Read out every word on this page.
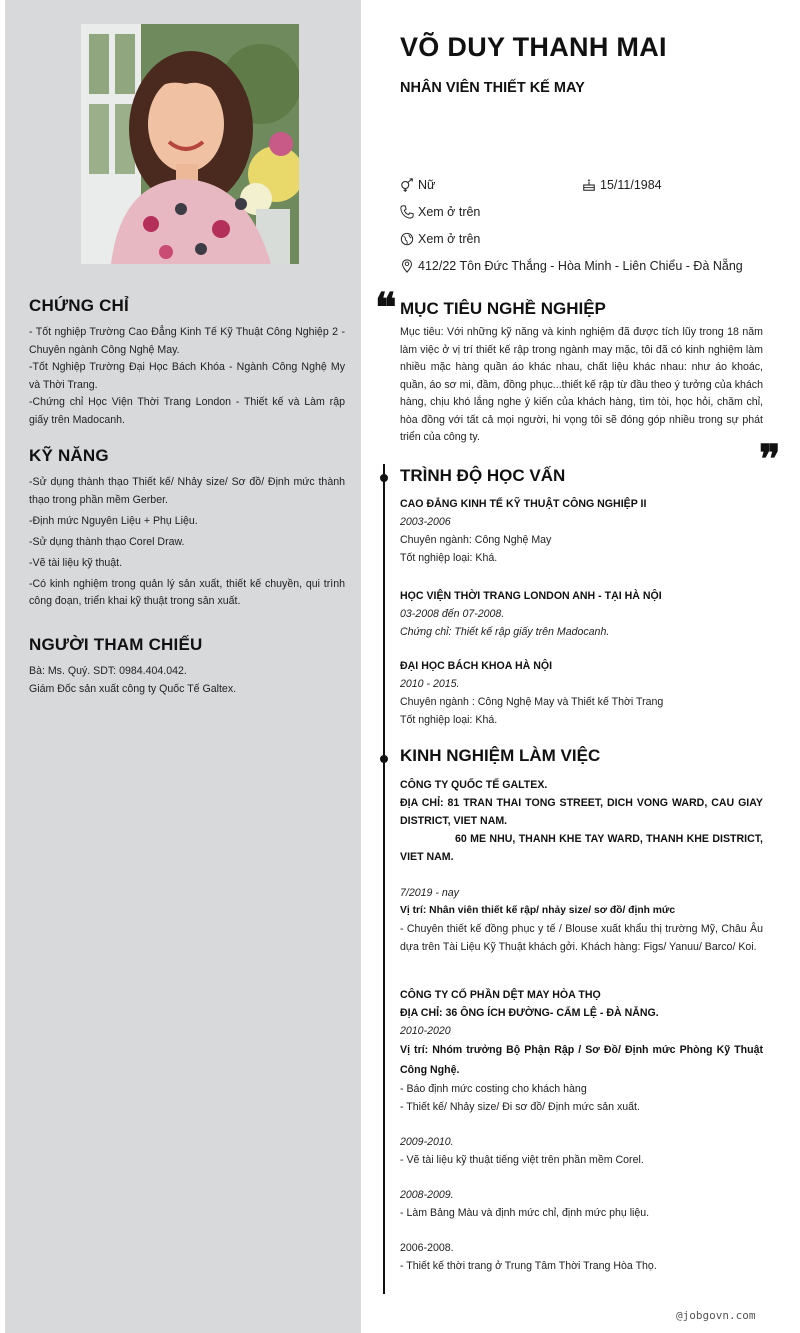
CHỨNG CHỈ
- Tốt nghiệp Trường Cao Đẳng Kinh Tế Kỹ Thuật Công Nghiệp 2 - Chuyên ngành Công Nghệ May.
-Tốt Nghiệp Trường Đại Học Bách Khóa - Ngành Công Nghệ My và Thời Trang.
-Chứng chỉ Học Viện Thời Trang London - Thiết kế và Làm rập giấy trên Madocanh.
KỸ NĂNG
-Sử dụng thành thạo Thiết kế/ Nhảy size/ Sơ đồ/ Định mức thành thạo trong phần mềm Gerber.
-Định mức Nguyên Liệu + Phụ Liệu.
-Sử dụng thành thạo Corel Draw.
-Vẽ tài liệu kỹ thuật.
-Có kinh nghiệm trong quản lý sản xuất, thiết kế chuyền, qui trình công đoạn, triển khai kỹ thuật trong sản xuất.
NGƯỜI THAM CHIẾU
Bà: Ms. Quý. SDT: 0984.404.042.
Giám Đốc sản xuất công ty Quốc Tế Galtex.
VÕ DUY THANH MAI
NHÂN VIÊN THIẾT KẾ MAY
Nữ	15/11/1984
Xem ở trên
Xem ở trên
412/22 Tôn Đức Thắng - Hòa Minh - Liên Chiểu - Đà Nẵng
❝ MỤC TIÊU NGHỀ NGHIỆP
Mục tiêu: Với những kỹ năng và kinh nghiệm đã được tích lũy trong 18 năm làm việc ở vị trí thiết kế rập trong ngành may mặc, tôi đã có kinh nghiệm làm nhiều mặc hàng quần áo khác nhau, chất liệu khác nhau: như áo khoác, quần, áo sơ mi, đầm, đồng phục...thiết kế rập từ đầu theo ý tưởng của khách hàng, chịu khó lắng nghe ý kiến của khách hàng, tìm tòi, học hỏi, chăm chỉ, hòa đồng với tất cả mọi người, hi vọng tôi sẽ đóng góp nhiều trong sự phát triển của công ty.	❞
TRÌNH ĐỘ HỌC VẤN
CAO ĐẲNG KINH TẾ KỸ THUẬT CÔNG NGHIỆP II
2003-2006
Chuyên ngành: Công Nghệ May
Tốt nghiệp loại: Khá.
HỌC VIỆN THỜI TRANG LONDON ANH - TẠI HÀ NỘI
03-2008 đến 07-2008.
Chứng chỉ: Thiết kế rập giấy trên Madocanh.
ĐẠI HỌC BÁCH KHOA HÀ NỘI
2010 - 2015.
Chuyên ngành : Công Nghệ May và Thiết kế Thời Trang
Tốt nghiệp loại: Khá.
KINH NGHIỆM LÀM VIỆC
CÔNG TY QUỐC TẾ GALTEX.
ĐỊA CHỈ: 81 TRAN THAI TONG STREET, DICH VONG WARD, CAU GIAY DISTRICT, VIET NAM.
60 ME NHU, THANH KHE TAY WARD, THANH KHE DISTRICT, VIET NAM.
7/2019 - nay
Vị trí: Nhân viên thiết kế rập/ nhảy size/ sơ đồ/ định mức
- Chuyên thiết kế đồng phục y tế / Blouse xuất khẩu thị trường Mỹ, Châu Âu dựa trên Tài Liệu Kỹ Thuật khách gởi. Khách hàng: Figs/ Yanuu/ Barco/ Koi.
CÔNG TY CỔ PHẦN DỆT MAY HÒA THỌ
ĐỊA CHỈ: 36 ÔNG ÍCH ĐƯỜNG- CẨM LỆ - ĐÀ NẴNG.
2010-2020
Vị trí: Nhóm trưởng Bộ Phận Rập / Sơ Đồ/ Định mức Phòng Kỹ Thuật Công Nghệ.
- Báo định mức costing cho khách hàng
- Thiết kế/ Nhảy size/ Đi sơ đồ/ Định mức sản xuất.
2009-2010.
- Vẽ tài liệu kỹ thuật tiếng việt trên phần mềm Corel.
2008-2009.
- Làm Bảng Màu và định mức chỉ, định mức phụ liệu.
2006-2008.
- Thiết kế thời trang ở Trung Tâm Thời Trang Hòa Thọ.
@jobgovn.com
